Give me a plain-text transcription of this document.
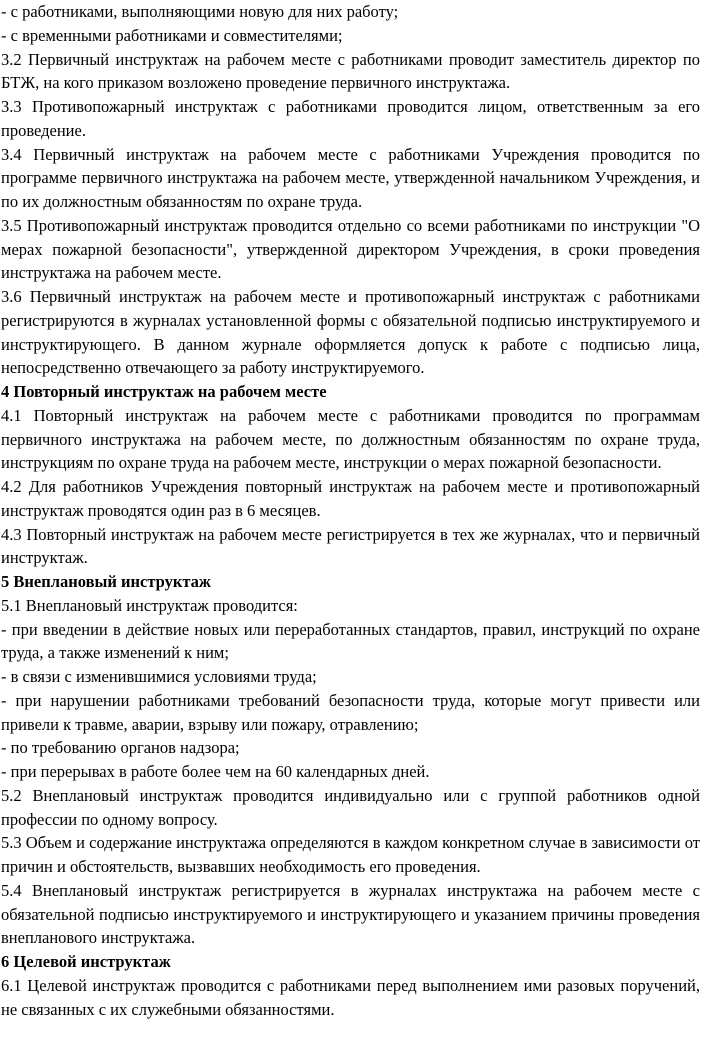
- с работниками, выполняющими новую для них работу;

- с временными работниками и совместителями;

3.2 Первичный инструктаж на рабочем месте с работниками проводит заместитель директор по БТЖ, на кого приказом возложено проведение первичного инструктажа.

3.3 Противопожарный инструктаж с работниками проводится лицом, ответственным за его проведение.

3.4 Первичный инструктаж на рабочем месте с работниками Учреждения проводится по программе первичного инструктажа на рабочем месте, утвержденной начальником Учреждения, и по их должностным обязанностям по охране труда.

3.5 Противопожарный инструктаж проводится отдельно со всеми работниками по инструкции "О мерах пожарной безопасности", утвержденной директором Учреждения, в сроки проведения инструктажа на рабочем месте.

3.6 Первичный инструктаж на рабочем месте и противопожарный инструктаж с работниками регистрируются в журналах установленной формы с обязательной подписью инструктируемого и инструктирующего. В данном журнале оформляется допуск к работе с подписью лица, непосредственно отвечающего за работу инструктируемого.

4 Повторный инструктаж на рабочем месте

4.1 Повторный инструктаж на рабочем месте с работниками проводится по программам первичного инструктажа на рабочем месте, по должностным обязанностям по охране труда, инструкциям по охране труда на рабочем месте, инструкции о мерах пожарной безопасности.

4.2 Для работников Учреждения повторный инструктаж на рабочем месте и противопожарный инструктаж проводятся один раз в 6 месяцев.

4.3 Повторный инструктаж на рабочем месте регистрируется в тех же журналах, что и первичный инструктаж.

5 Внеплановый инструктаж

5.1 Внеплановый инструктаж проводится:

- при введении в действие новых или переработанных стандартов, правил, инструкций по охране труда, а также изменений к ним;

- в связи с изменившимися условиями труда;

- при нарушении работниками требований безопасности труда, которые могут привести или привели к травме, аварии, взрыву или пожару, отравлению;

- по требованию органов надзора;

- при перерывах в работе более чем на 60 календарных дней.

5.2 Внеплановый инструктаж проводится индивидуально или с группой работников одной профессии по одному вопросу.

5.3 Объем и содержание инструктажа определяются в каждом конкретном случае в зависимости от причин и обстоятельств, вызвавших необходимость его проведения.

5.4 Внеплановый инструктаж регистрируется в журналах инструктажа на рабочем месте с обязательной подписью инструктируемого и инструктирующего и указанием причины проведения внепланового инструктажа.

6 Целевой инструктаж

6.1 Целевой инструктаж проводится с работниками перед выполнением ими разовых поручений, не связанных с их служебными обязанностями.
